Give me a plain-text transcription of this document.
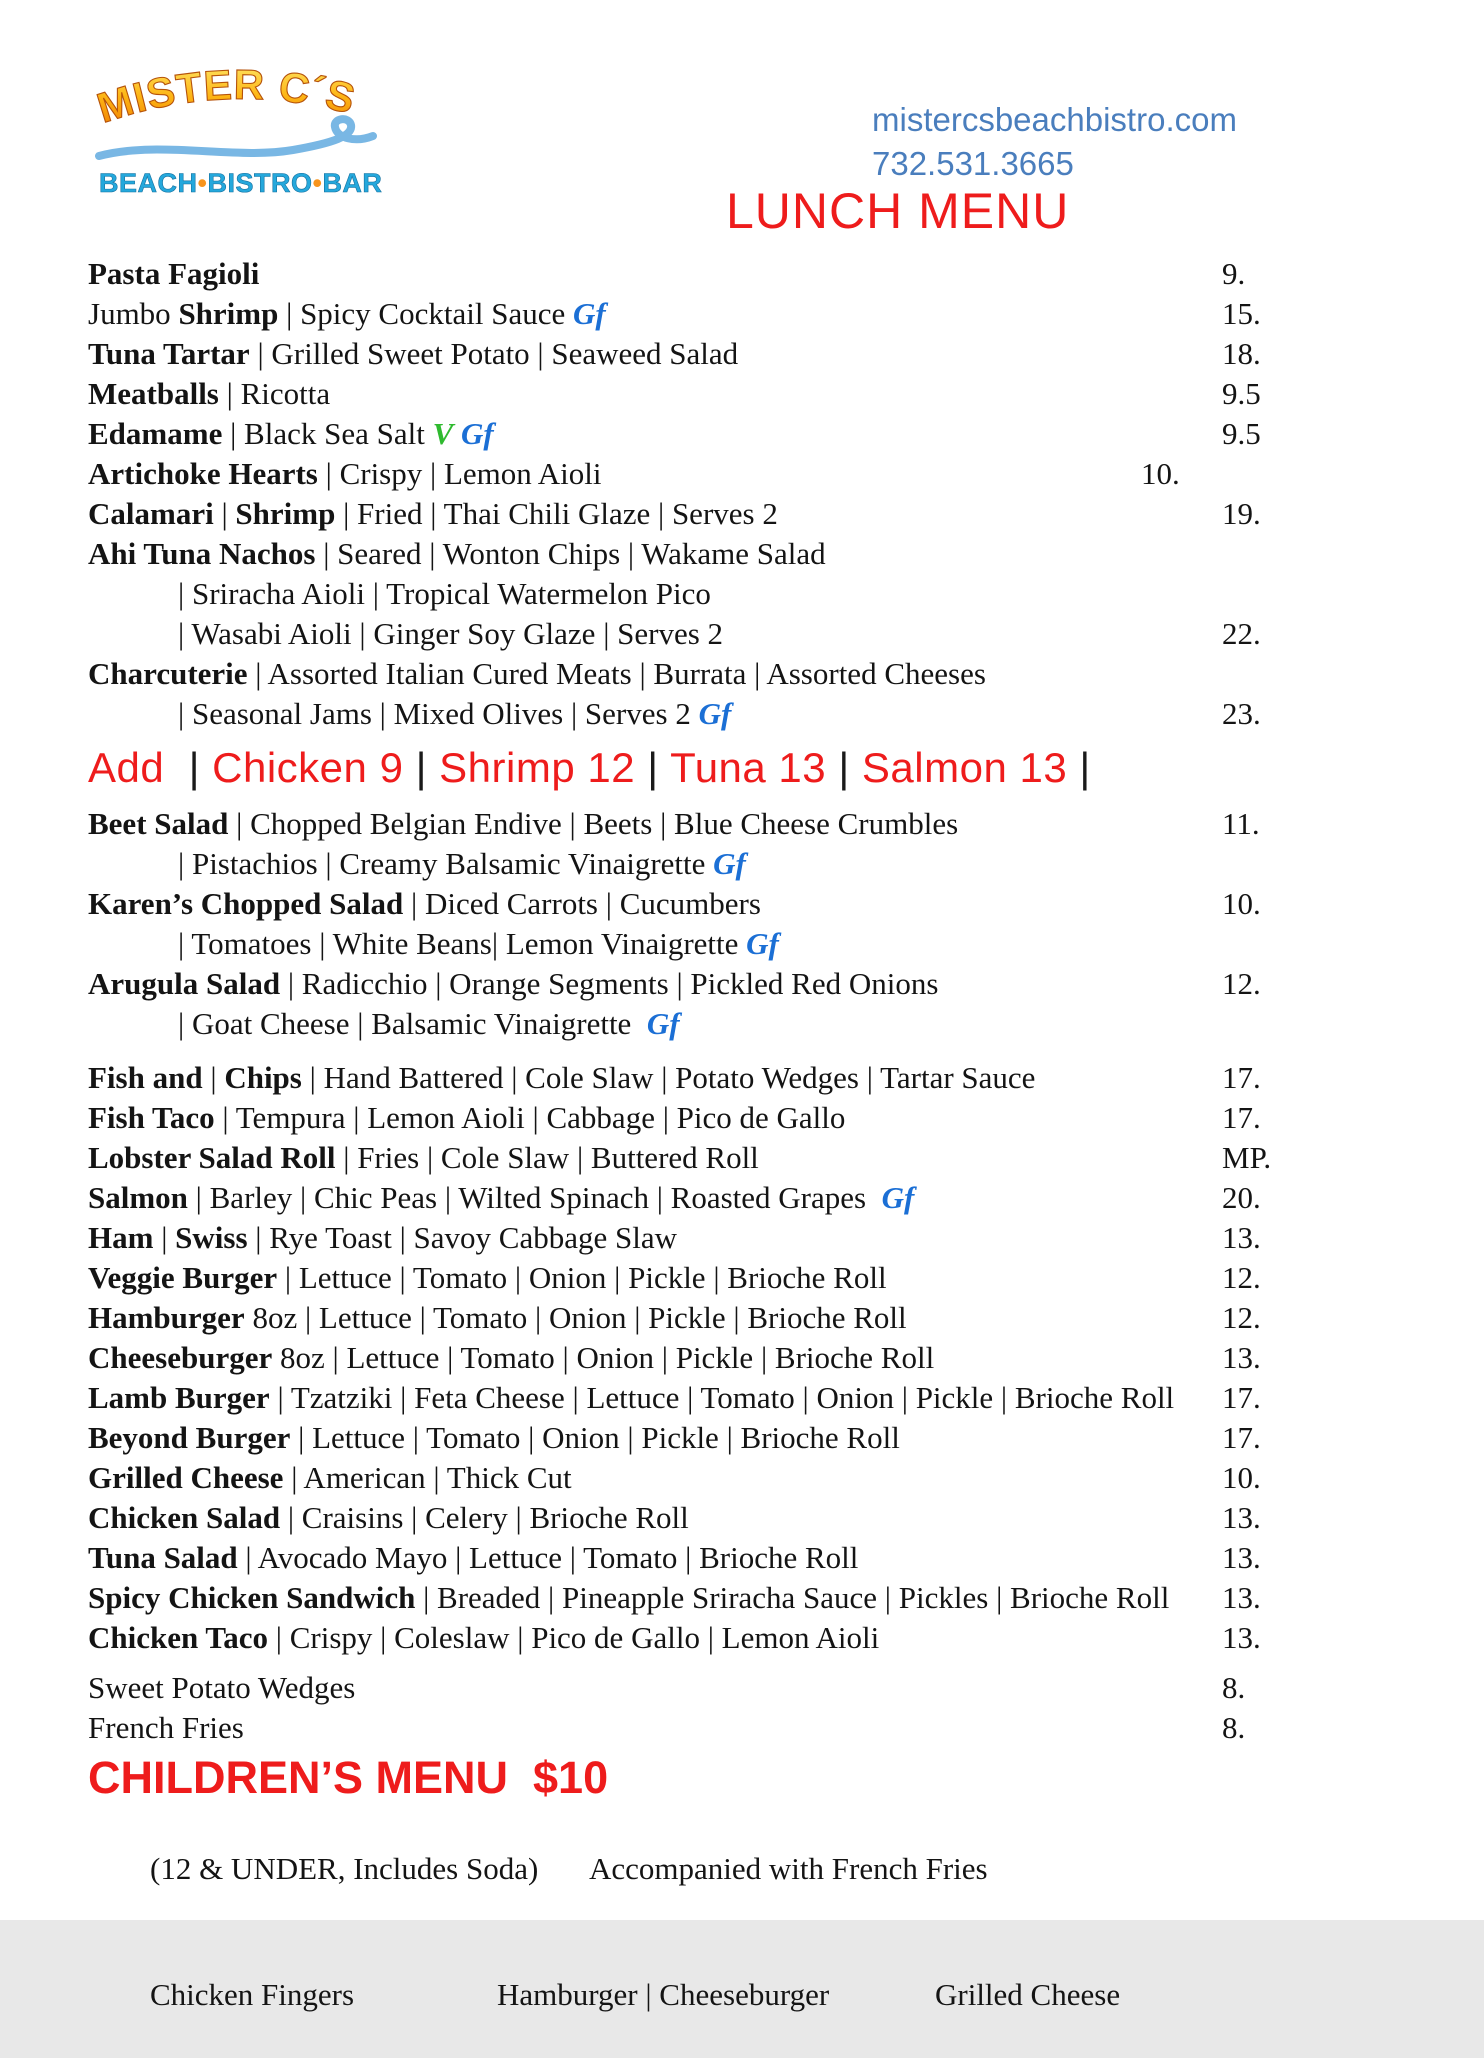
MISTER C´S
BEACH•BISTRO•BAR
mistercsbeachbistro.com
732.531.3665
LUNCH MENU
Pasta Fagioli	9.
Jumbo Shrimp | Spicy Cocktail Sauce Gf	15.
Tuna Tartar | Grilled Sweet Potato | Seaweed Salad	18.
Meatballs | Ricotta	9.5
Edamame | Black Sea Salt V Gf	9.5
Artichoke Hearts | Crispy | Lemon Aioli	10.
Calamari | Shrimp | Fried | Thai Chili Glaze | Serves 2	19.
Ahi Tuna Nachos | Seared | Wonton Chips | Wakame Salad
| Sriracha Aioli | Tropical Watermelon Pico
| Wasabi Aioli | Ginger Soy Glaze | Serves 2	22.
Charcuterie | Assorted Italian Cured Meats | Burrata | Assorted Cheeses
| Seasonal Jams | Mixed Olives | Serves 2 Gf	23.
Add  | Chicken 9 | Shrimp 12 | Tuna 13 | Salmon 13 |
Beet Salad | Chopped Belgian Endive | Beets | Blue Cheese Crumbles	11.
| Pistachios | Creamy Balsamic Vinaigrette Gf
Karen’s Chopped Salad | Diced Carrots | Cucumbers	10.
| Tomatoes | White Beans| Lemon Vinaigrette Gf
Arugula Salad | Radicchio | Orange Segments | Pickled Red Onions	12.
| Goat Cheese | Balsamic Vinaigrette  Gf
Fish and | Chips | Hand Battered | Cole Slaw | Potato Wedges | Tartar Sauce	17.
Fish Taco | Tempura | Lemon Aioli | Cabbage | Pico de Gallo	17.
Lobster Salad Roll | Fries | Cole Slaw | Buttered Roll	MP.
Salmon | Barley | Chic Peas | Wilted Spinach | Roasted Grapes  Gf	20.
Ham | Swiss | Rye Toast | Savoy Cabbage Slaw	13.
Veggie Burger | Lettuce | Tomato | Onion | Pickle | Brioche Roll	12.
Hamburger 8oz | Lettuce | Tomato | Onion | Pickle | Brioche Roll	12.
Cheeseburger 8oz | Lettuce | Tomato | Onion | Pickle | Brioche Roll	13.
Lamb Burger | Tzatziki | Feta Cheese | Lettuce | Tomato | Onion | Pickle | Brioche Roll 17.
Beyond Burger | Lettuce | Tomato | Onion | Pickle | Brioche Roll	17.
Grilled Cheese | American | Thick Cut	10.
Chicken Salad | Craisins | Celery | Brioche Roll	13.
Tuna Salad | Avocado Mayo | Lettuce | Tomato | Brioche Roll	13.
Spicy Chicken Sandwich | Breaded | Pineapple Sriracha Sauce | Pickles | Brioche Roll 13.
Chicken Taco | Crispy | Coleslaw | Pico de Gallo | Lemon Aioli	13.
Sweet Potato Wedges	8.
French Fries	8.
CHILDREN’S MENU  $10

(12 & UNDER, Includes Soda) Accompanied with French Fries

Chicken Fingers	Hamburger | Cheeseburger	Grilled Cheese
